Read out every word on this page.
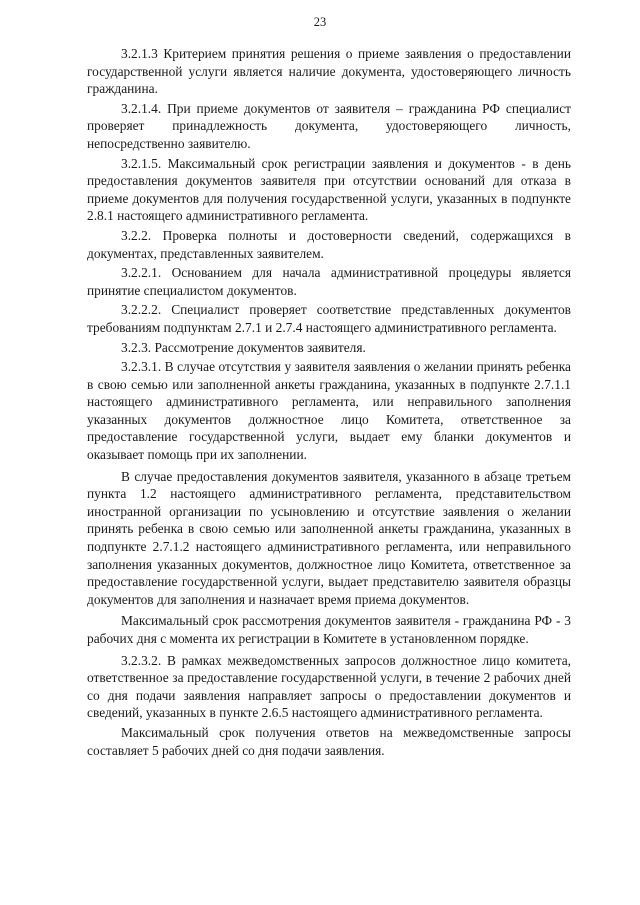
23

3.2.1.3 Критерием принятия решения о приеме заявления о предоставлении государственной услуги является наличие документа, удостоверяющего личность гражданина.

3.2.1.4. При приеме документов от заявителя – гражданина РФ специалист проверяет принадлежность документа, удостоверяющего личность, непосредственно заявителю.

3.2.1.5. Максимальный срок регистрации заявления и документов - в день предоставления документов заявителя при отсутствии оснований для отказа в приеме документов для получения государственной услуги, указанных в подпункте 2.8.1 настоящего административного регламента.

3.2.2. Проверка полноты и достоверности сведений, содержащихся в документах, представленных заявителем.

3.2.2.1. Основанием для начала административной процедуры является принятие специалистом документов.

3.2.2.2. Специалист проверяет соответствие представленных документов требованиям подпунктам 2.7.1 и 2.7.4 настоящего административного регламента.

3.2.3. Рассмотрение документов заявителя.

3.2.3.1. В случае отсутствия у заявителя заявления о желании принять ребенка в свою семью или заполненной анкеты гражданина, указанных в подпункте 2.7.1.1 настоящего административного регламента, или неправильного заполнения указанных документов должностное лицо Комитета, ответственное за предоставление государственной услуги, выдает ему бланки документов и оказывает помощь при их заполнении.

В случае предоставления документов заявителя, указанного в абзаце третьем пункта 1.2 настоящего административного регламента, представительством иностранной организации по усыновлению и отсутствие заявления о желании принять ребенка в свою семью или заполненной анкеты гражданина, указанных в подпункте 2.7.1.2 настоящего административного регламента, или неправильного заполнения указанных документов, должностное лицо Комитета, ответственное за предоставление государственной услуги, выдает представителю заявителя образцы документов для заполнения и назначает время приема документов.

Максимальный срок рассмотрения документов заявителя - гражданина РФ - 3 рабочих дня с момента их регистрации в Комитете в установленном порядке.

3.2.3.2. В рамках межведомственных запросов должностное лицо комитета, ответственное за предоставление государственной услуги, в течение 2 рабочих дней со дня подачи заявления направляет запросы о предоставлении документов и сведений, указанных в пункте 2.6.5 настоящего административного регламента.

Максимальный срок получения ответов на межведомственные запросы составляет 5 рабочих дней со дня подачи заявления.
